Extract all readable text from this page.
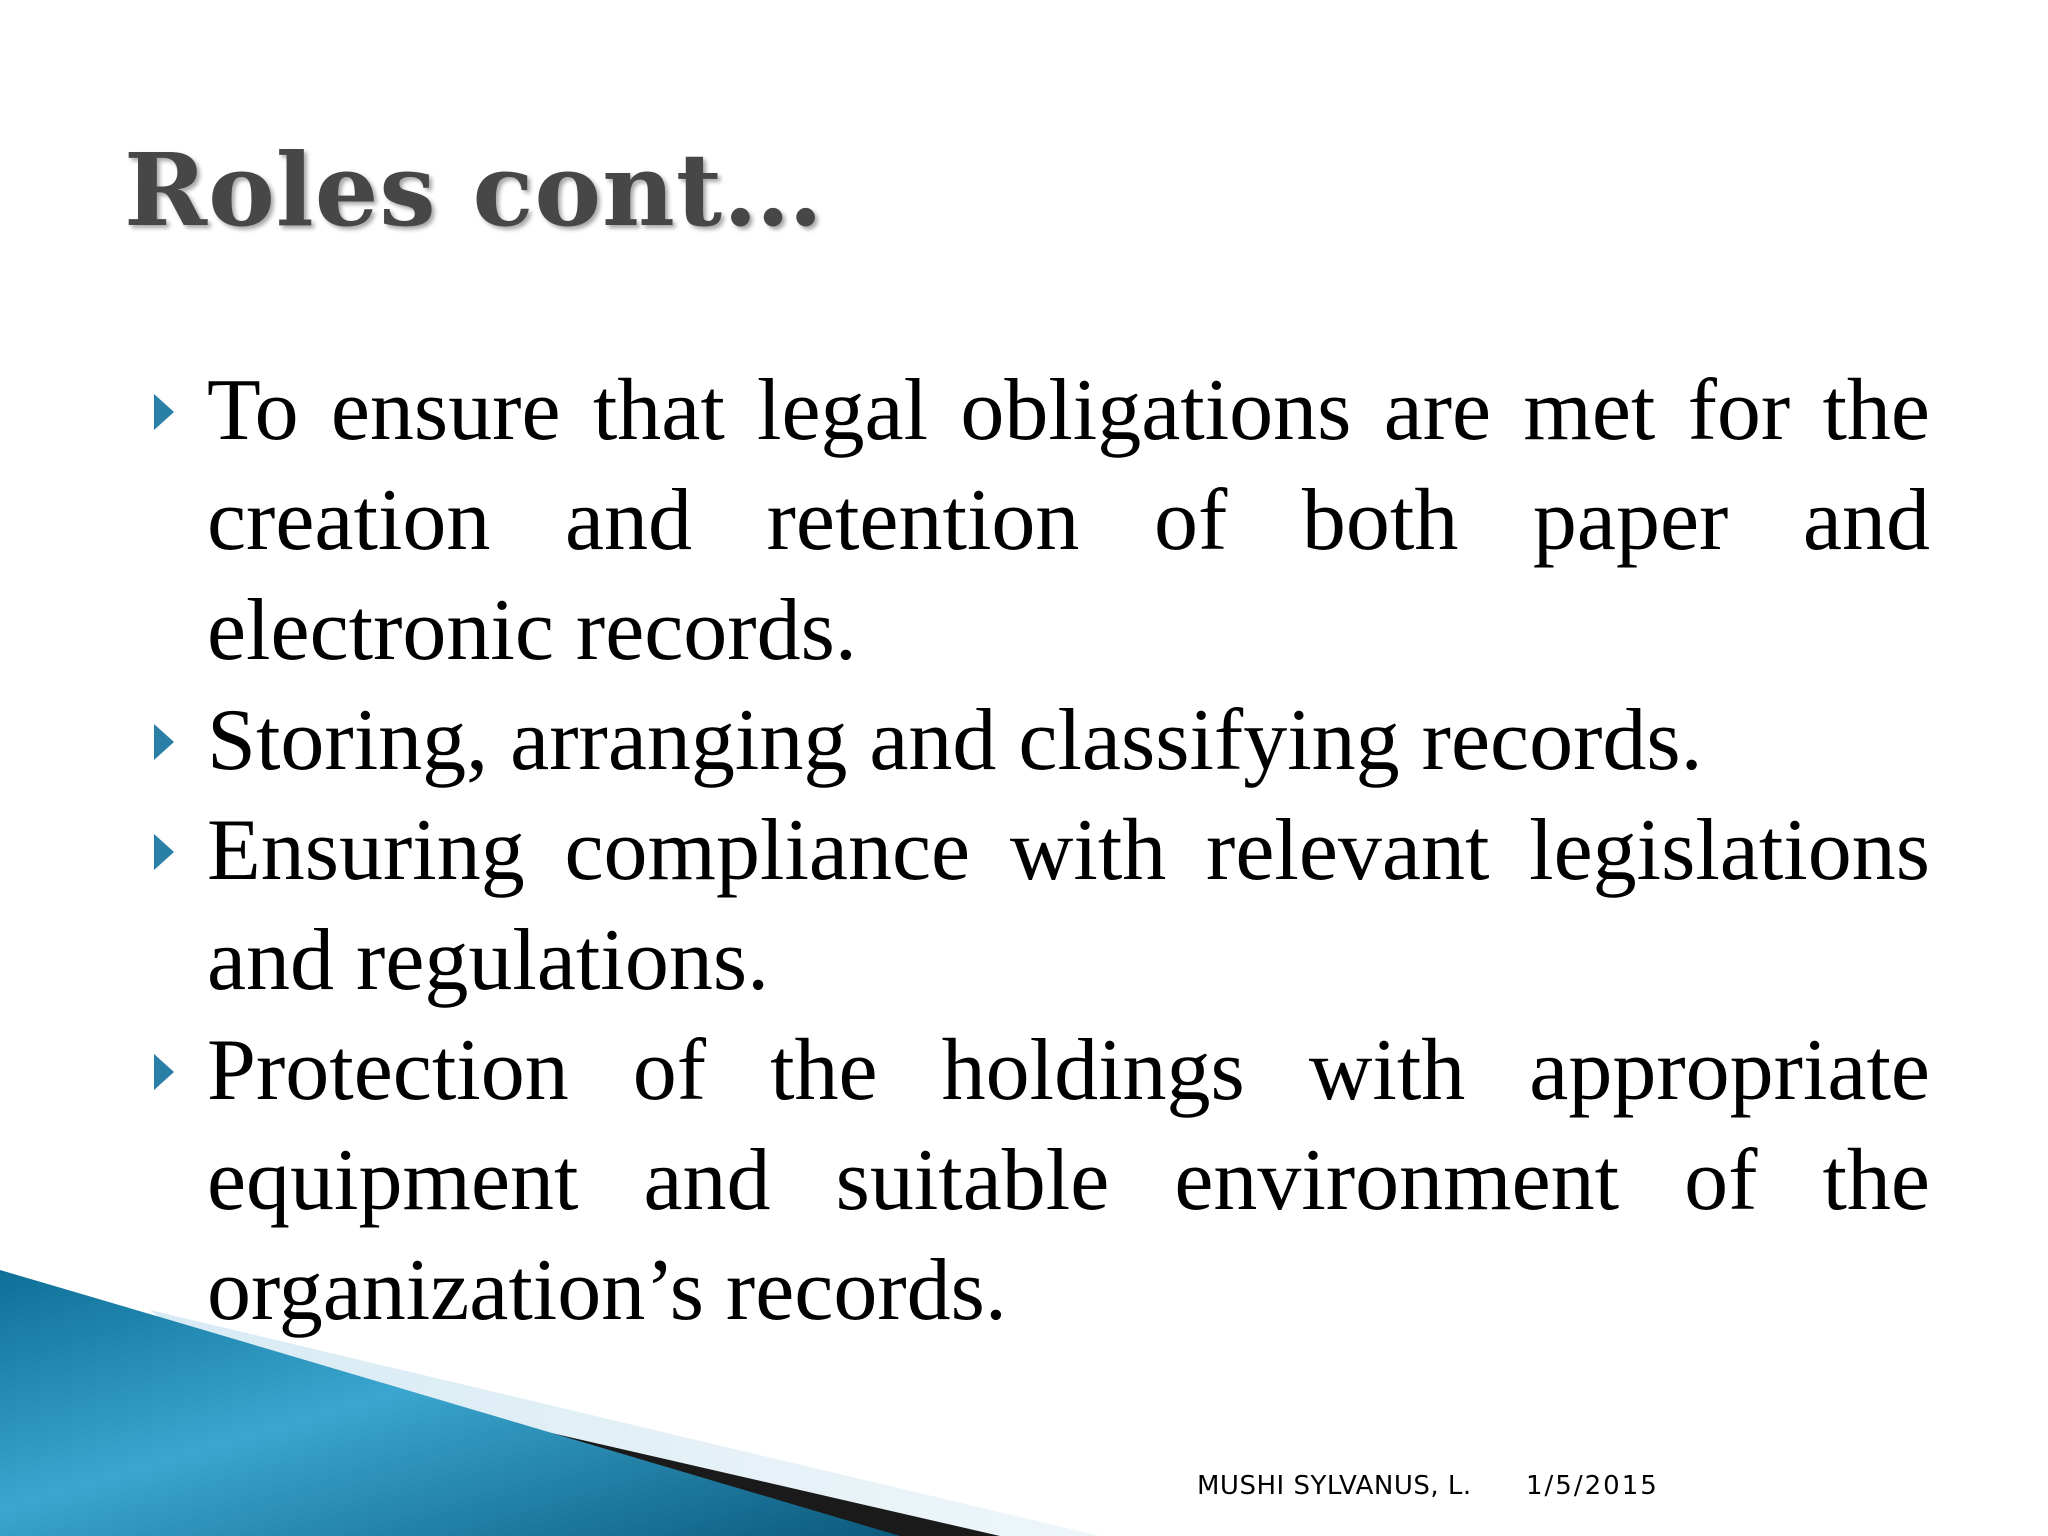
Roles cont…
To ensure that legal obligations are met for the creation and retention of both paper and electronic records.
Storing, arranging and classifying records.
Ensuring compliance with relevant legislations and regulations.
Protection of the holdings with appropriate equipment and suitable environment of the organization’s records.
MUSHI SYLVANUS, L. 1/5/2015
